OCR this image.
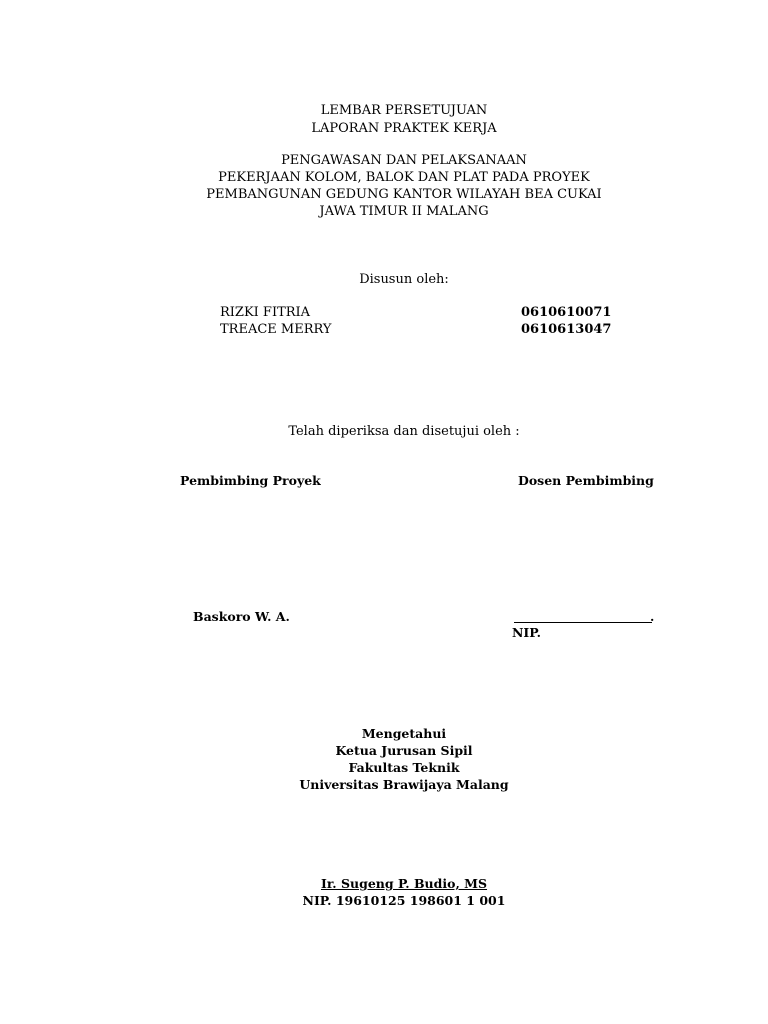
LEMBAR PERSETUJUAN
LAPORAN PRAKTEK KERJA
PENGAWASAN DAN PELAKSANAAN
PEKERJAAN KOLOM, BALOK DAN PLAT PADA PROYEK
PEMBANGUNAN GEDUNG KANTOR WILAYAH BEA CUKAI
JAWA TIMUR II MALANG
Disusun oleh:
RIZKI FITRIA	0610610071
TREACE MERRY	0610613047
Telah diperiksa dan disetujui oleh :
Pembimbing Proyek	Dosen Pembimbing
Baskoro W. A.	.
NIP.
Mengetahui
Ketua Jurusan Sipil
Fakultas Teknik
Universitas Brawijaya Malang
Ir. Sugeng P. Budio, MS
NIP. 19610125 198601 1 001
